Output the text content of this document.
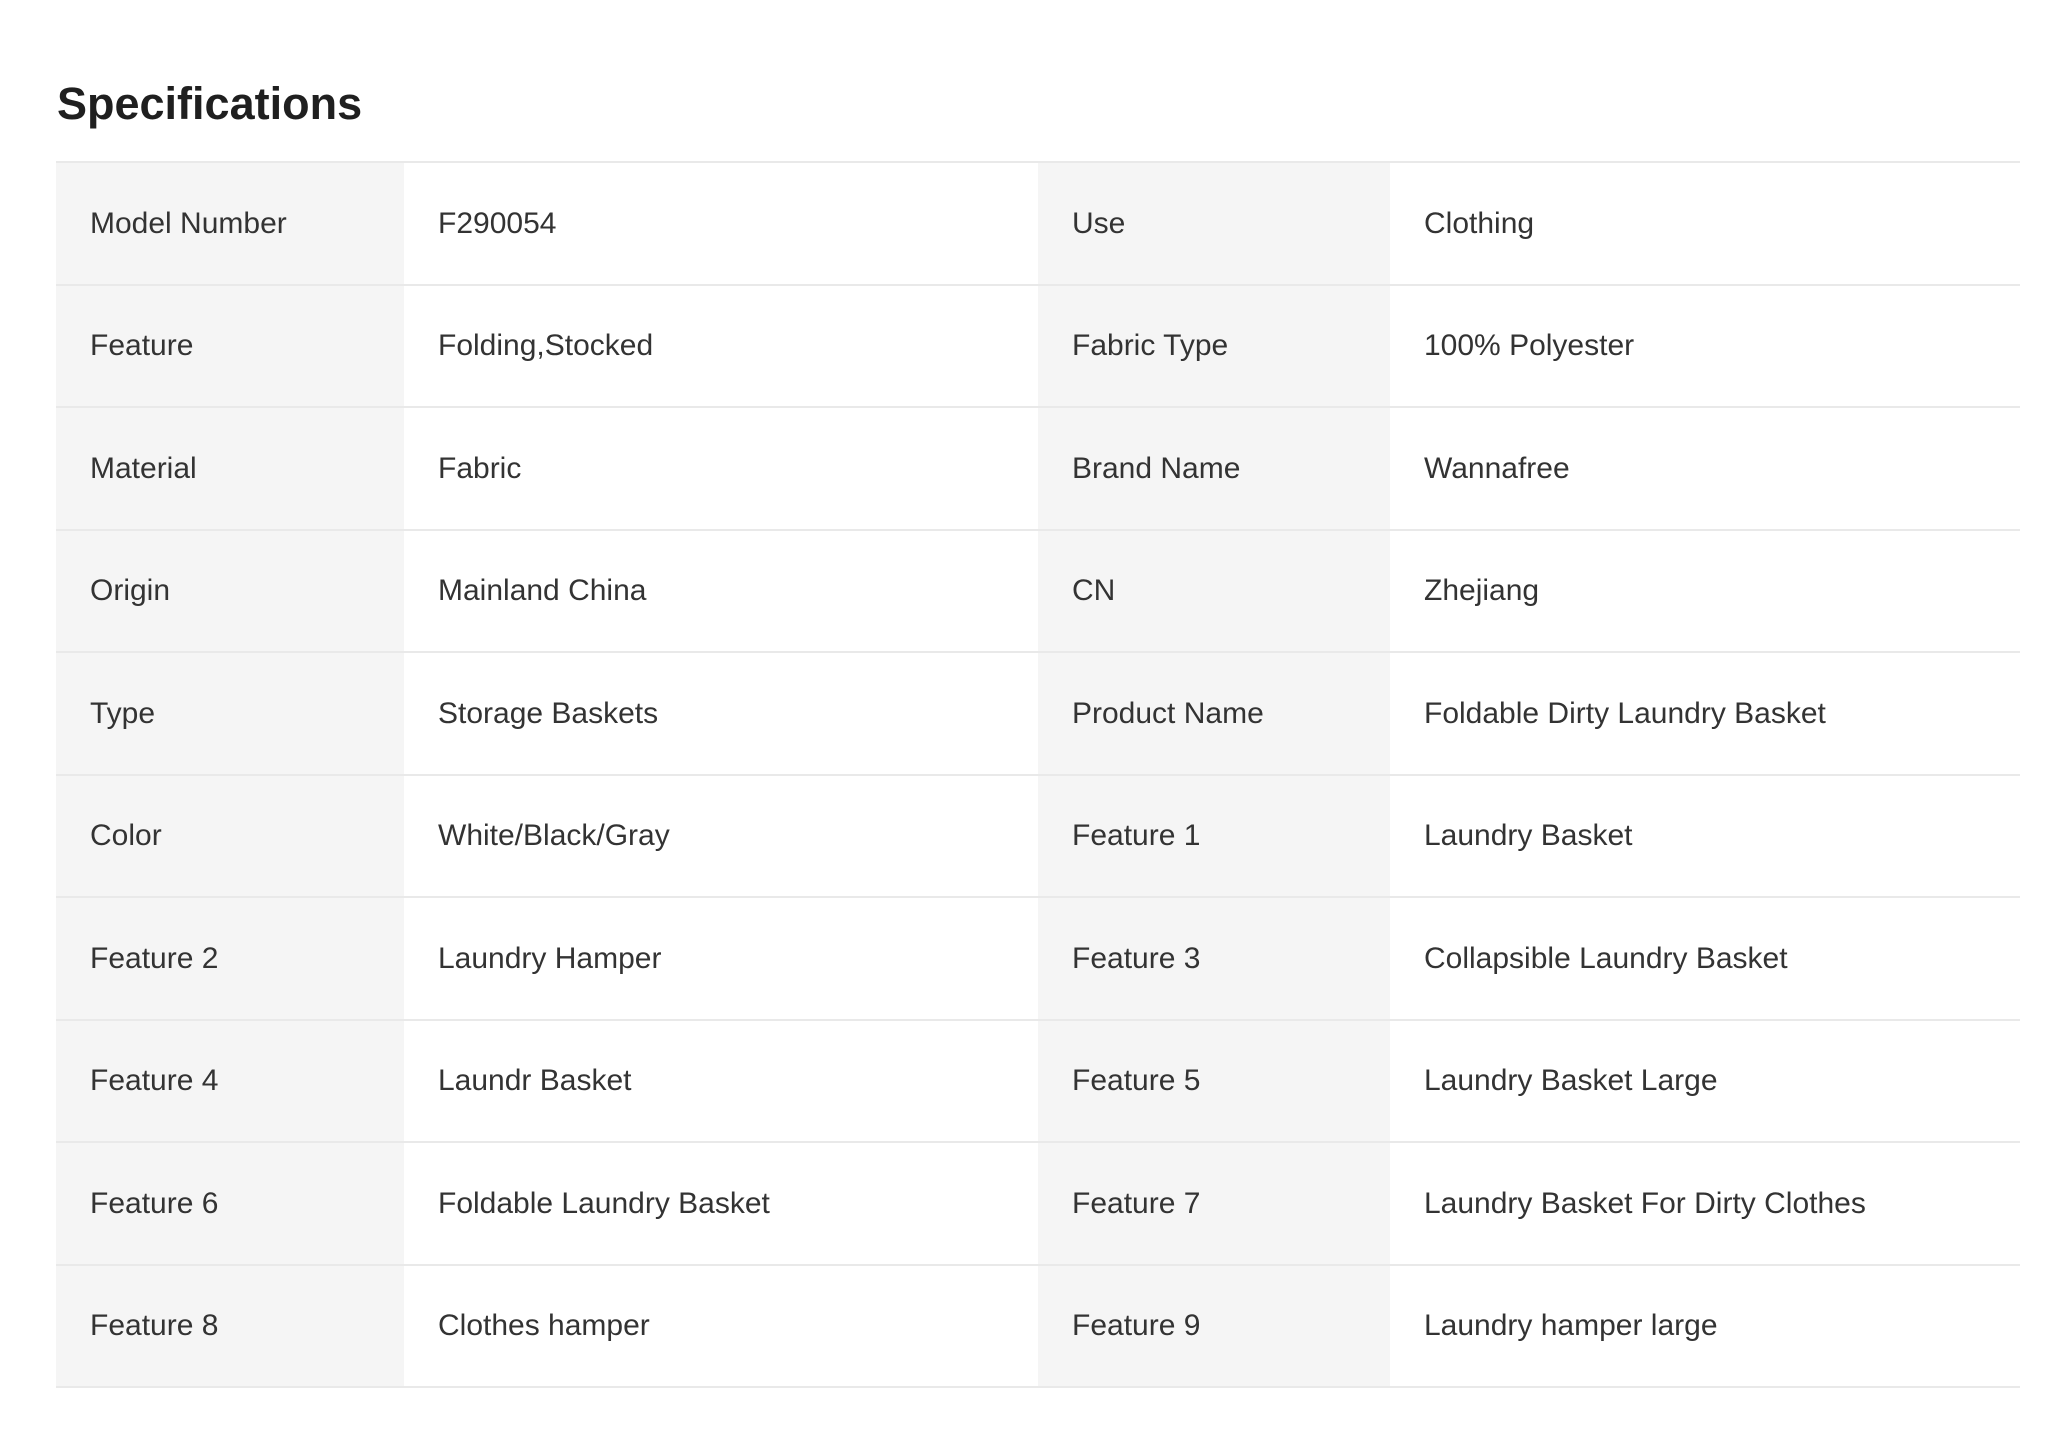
Specifications
Model Number	F290054	Use	Clothing
Feature	Folding,Stocked	Fabric Type	100% Polyester
Material	Fabric	Brand Name	Wannafree
Origin	Mainland China	CN	Zhejiang
Type	Storage Baskets	Product Name	Foldable Dirty Laundry Basket
Color	White/Black/Gray	Feature 1	Laundry Basket
Feature 2	Laundry Hamper	Feature 3	Collapsible Laundry Basket
Feature 4	Laundr Basket	Feature 5	Laundry Basket Large
Feature 6	Foldable Laundry Basket	Feature 7	Laundry Basket For Dirty Clothes
Feature 8	Clothes hamper	Feature 9	Laundry hamper large
